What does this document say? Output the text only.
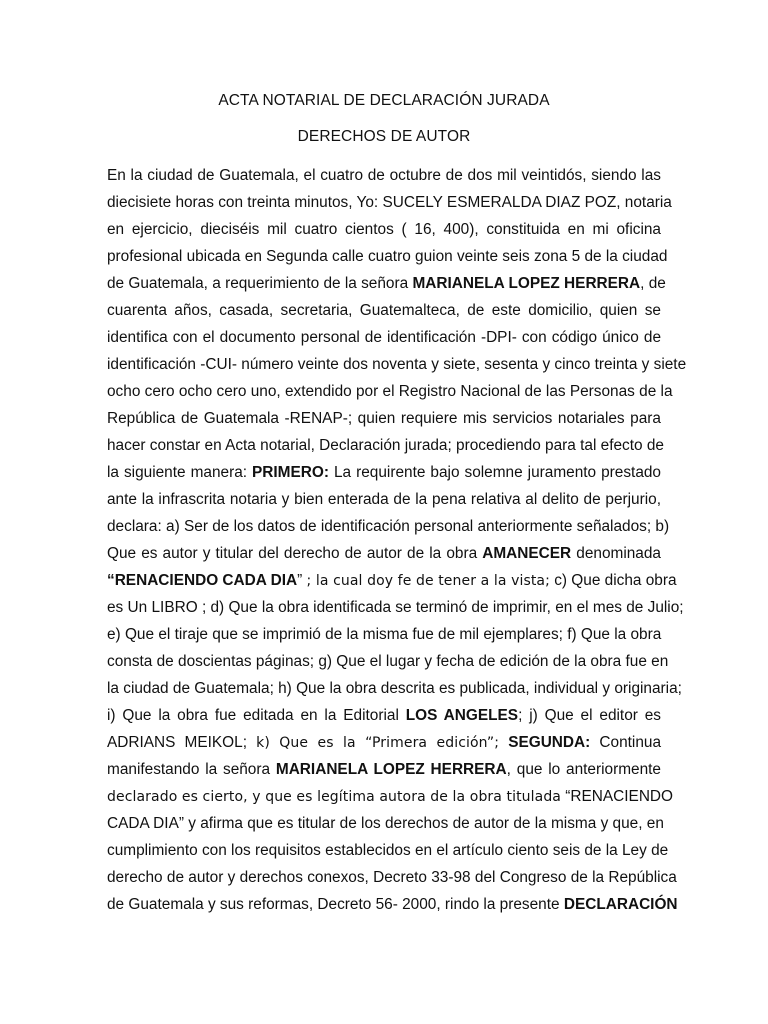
ACTA NOTARIAL DE DECLARACIÓN JURADA
DERECHOS DE AUTOR
En la ciudad de Guatemala, el cuatro de octubre de dos mil veintidós, siendo las
diecisiete horas con treinta minutos, Yo: SUCELY ESMERALDA DIAZ POZ, notaria
en ejercicio, dieciséis mil cuatro cientos ( 16, 400), constituida en mi oficina
profesional ubicada en Segunda calle cuatro guion veinte seis zona 5 de la ciudad
de Guatemala, a requerimiento de la señora MARIANELA LOPEZ HERRERA, de
cuarenta años, casada, secretaria, Guatemalteca, de este domicilio, quien se
identifica con el documento personal de identificación -DPI- con código único de
identificación -CUI- número veinte dos noventa y siete, sesenta y cinco treinta y siete
ocho cero ocho cero uno, extendido por el Registro Nacional de las Personas de la
República de Guatemala -RENAP-; quien requiere mis servicios notariales para
hacer constar en Acta notarial, Declaración jurada; procediendo para tal efecto de
la siguiente manera: PRIMERO: La requirente bajo solemne juramento prestado
ante la infrascrita notaria y bien enterada de la pena relativa al delito de perjurio,
declara: a) Ser de los datos de identificación personal anteriormente señalados; b)
Que es autor y titular del derecho de autor de la obra AMANECER denominada
“RENACIENDO CADA DIA” ; la cual doy fe de tener a la vista; c) Que dicha obra
es Un LIBRO ; d) Que la obra identificada se terminó de imprimir, en el mes de Julio;
e) Que el tiraje que se imprimió de la misma fue de mil ejemplares; f) Que la obra
consta de doscientas páginas; g) Que el lugar y fecha de edición de la obra fue en
la ciudad de Guatemala; h) Que la obra descrita es publicada, individual y originaria;
i) Que la obra fue editada en la Editorial LOS ANGELES; j) Que el editor es
ADRIANS MEIKOL; k) Que es la “Primera edición”; SEGUNDA: Continua
manifestando la señora MARIANELA LOPEZ HERRERA, que lo anteriormente
declarado es cierto, y que es legítima autora de la obra titulada “RENACIENDO
CADA DIA” y afirma que es titular de los derechos de autor de la misma y que, en
cumplimiento con los requisitos establecidos en el artículo ciento seis de la Ley de
derecho de autor y derechos conexos, Decreto 33-98 del Congreso de la República
de Guatemala y sus reformas, Decreto 56- 2000, rindo la presente DECLARACIÓN
